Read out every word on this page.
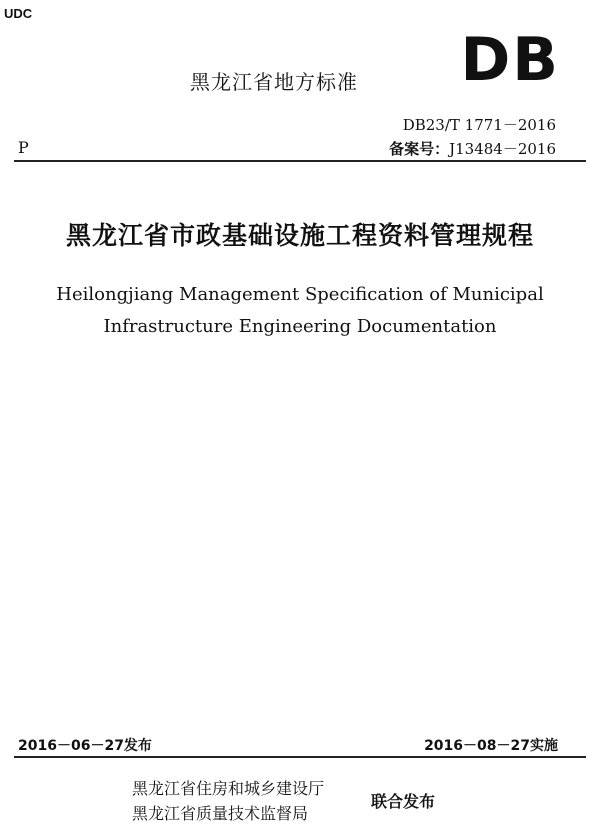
UDC
黑龙江省地方标准 DB
DB23/T 1771－2016
P	备案号：J13484－2016
黑龙江省市政基础设施工程资料管理规程
Heilongjiang Management Specification of Municipal
Infrastructure Engineering Documentation
2016－06－27发布	2016－08－27实施
黑龙江省住房和城乡建设厅
黑龙江省质量技术监督局
联合发布
